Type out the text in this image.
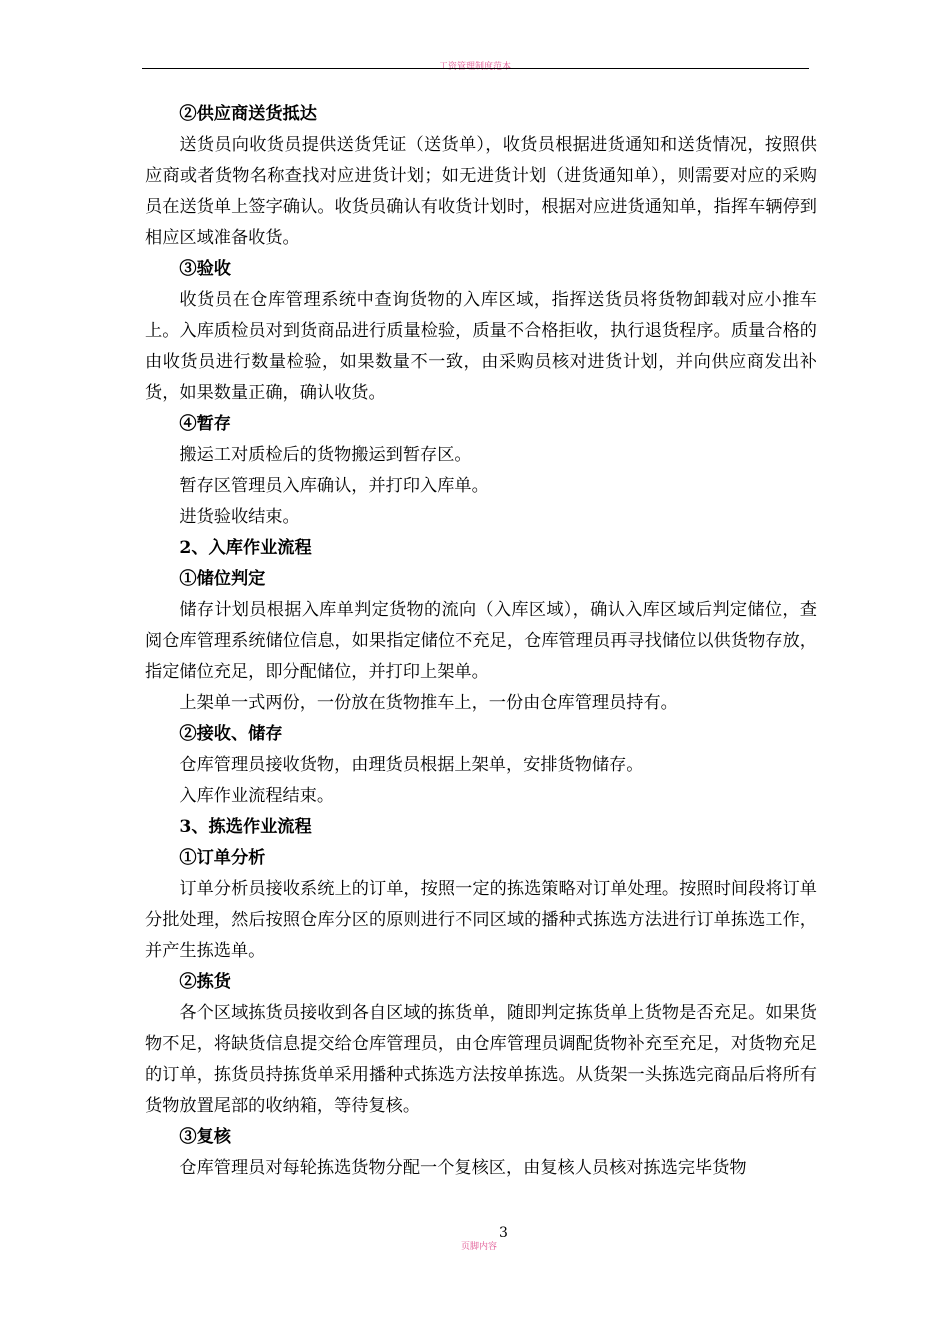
工资管理制度范本

②供应商送货抵达

送货员向收货员提供送货凭证（送货单），收货员根据进货通知和送货情况，按照供应商或者货物名称查找对应进货计划；如无进货计划（进货通知单），则需要对应的采购员在送货单上签字确认。收货员确认有收货计划时，根据对应进货通知单，指挥车辆停到相应区域准备收货。

③验收

收货员在仓库管理系统中查询货物的入库区域，指挥送货员将货物卸载对应小推车上。入库质检员对到货商品进行质量检验，质量不合格拒收，执行退货程序。质量合格的由收货员进行数量检验，如果数量不一致，由采购员核对进货计划，并向供应商发出补货，如果数量正确，确认收货。

④暂存

搬运工对质检后的货物搬运到暂存区。

暂存区管理员入库确认，并打印入库单。

进货验收结束。

2、入库作业流程

①储位判定

储存计划员根据入库单判定货物的流向（入库区域），确认入库区域后判定储位，查阅仓库管理系统储位信息，如果指定储位不充足，仓库管理员再寻找储位以供货物存放，指定储位充足，即分配储位，并打印上架单。

上架单一式两份，一份放在货物推车上，一份由仓库管理员持有。

②接收、储存

仓库管理员接收货物，由理货员根据上架单，安排货物储存。

入库作业流程结束。

3、拣选作业流程

①订单分析

订单分析员接收系统上的订单，按照一定的拣选策略对订单处理。按照时间段将订单分批处理，然后按照仓库分区的原则进行不同区域的播种式拣选方法进行订单拣选工作，并产生拣选单。

②拣货

各个区域拣货员接收到各自区域的拣货单，随即判定拣货单上货物是否充足。如果货物不足，将缺货信息提交给仓库管理员，由仓库管理员调配货物补充至充足，对货物充足的订单，拣货员持拣货单采用播种式拣选方法按单拣选。从货架一头拣选完商品后将所有货物放置尾部的收纳箱，等待复核。

③复核

仓库管理员对每轮拣选货物分配一个复核区，由复核人员核对拣选完毕货物

页脚内容
3
